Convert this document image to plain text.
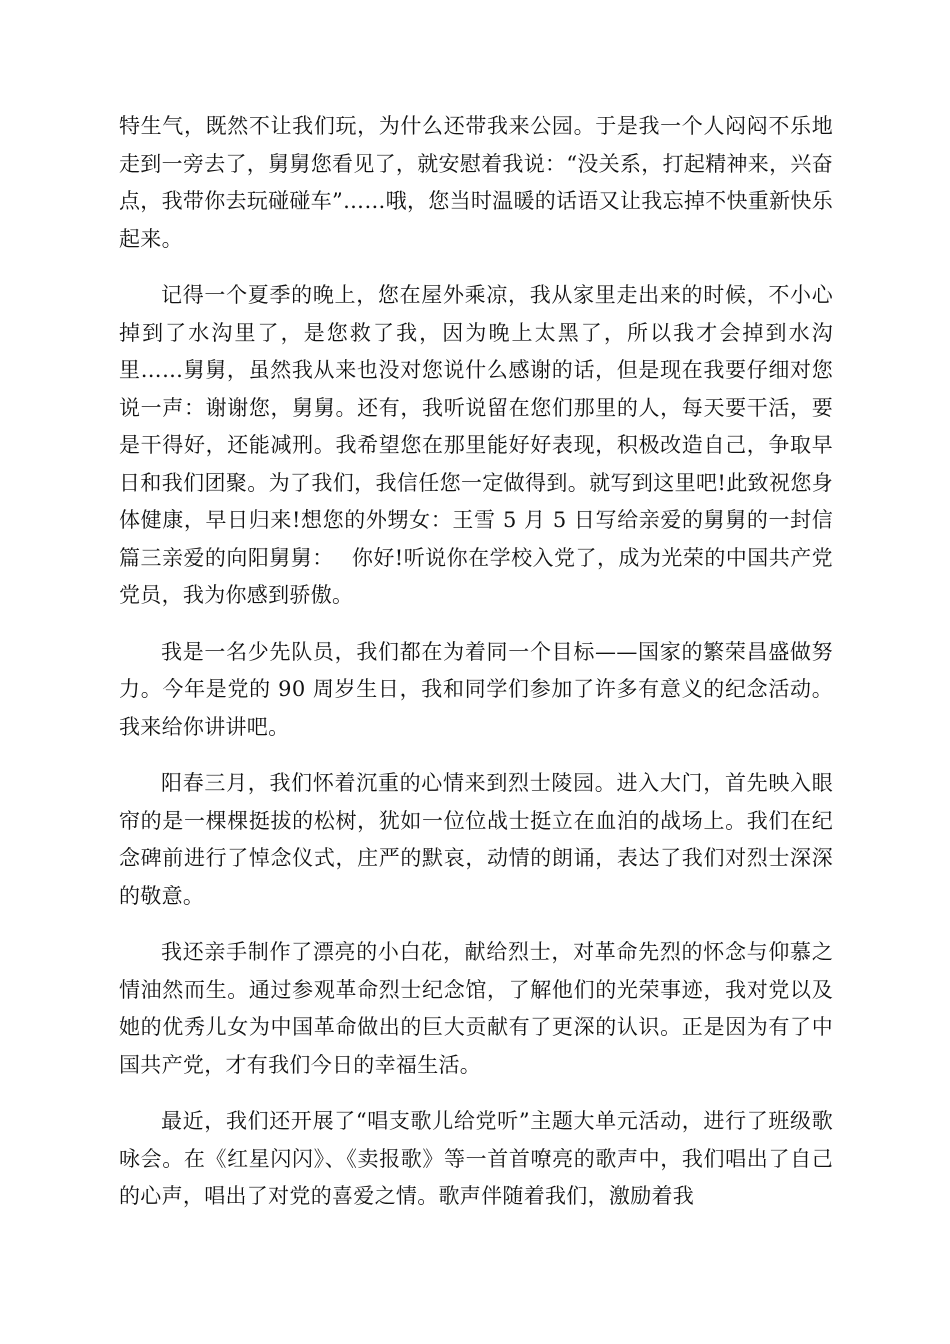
特生气，既然不让我们玩，为什么还带我来公园。于是我一个人闷闷不乐地走到一旁去了，舅舅您看见了，就安慰着我说：“没关系，打起精神来，兴奋点，我带你去玩碰碰车”……哦，您当时温暖的话语又让我忘掉不快重新快乐起来。

记得一个夏季的晚上，您在屋外乘凉，我从家里走出来的时候，不小心掉到了水沟里了，是您救了我，因为晚上太黑了，所以我才会掉到水沟里……舅舅，虽然我从来也没对您说什么感谢的话，但是现在我要仔细对您说一声：谢谢您，舅舅。还有，我听说留在您们那里的人，每天要干活，要是干得好，还能减刑。我希望您在那里能好好表现，积极改造自己，争取早日和我们团聚。为了我们，我信任您一定做得到。就写到这里吧!此致祝您身体健康，早日归来!想您的外甥女：王雪 5 月 5 日写给亲爱的舅舅的一封信篇三亲爱的向阳舅舅：　 你好!听说你在学校入党了，成为光荣的中国共产党党员，我为你感到骄傲。

我是一名少先队员，我们都在为着同一个目标——国家的繁荣昌盛做努力。今年是党的 90 周岁生日，我和同学们参加了许多有意义的纪念活动。我来给你讲讲吧。

阳春三月，我们怀着沉重的心情来到烈士陵园。进入大门，首先映入眼帘的是一棵棵挺拔的松树，犹如一位位战士挺立在血泊的战场上。我们在纪念碑前进行了悼念仪式，庄严的默哀，动情的朗诵，表达了我们对烈士深深的敬意。

我还亲手制作了漂亮的小白花，献给烈士，对革命先烈的怀念与仰慕之情油然而生。通过参观革命烈士纪念馆，了解他们的光荣事迹，我对党以及她的优秀儿女为中国革命做出的巨大贡献有了更深的认识。正是因为有了中国共产党，才有我们今日的幸福生活。

最近，我们还开展了“唱支歌儿给党听”主题大单元活动，进行了班级歌咏会。在《红星闪闪》、《卖报歌》等一首首嘹亮的歌声中，我们唱出了自己的心声，唱出了对党的喜爱之情。歌声伴随着我们，激励着我
